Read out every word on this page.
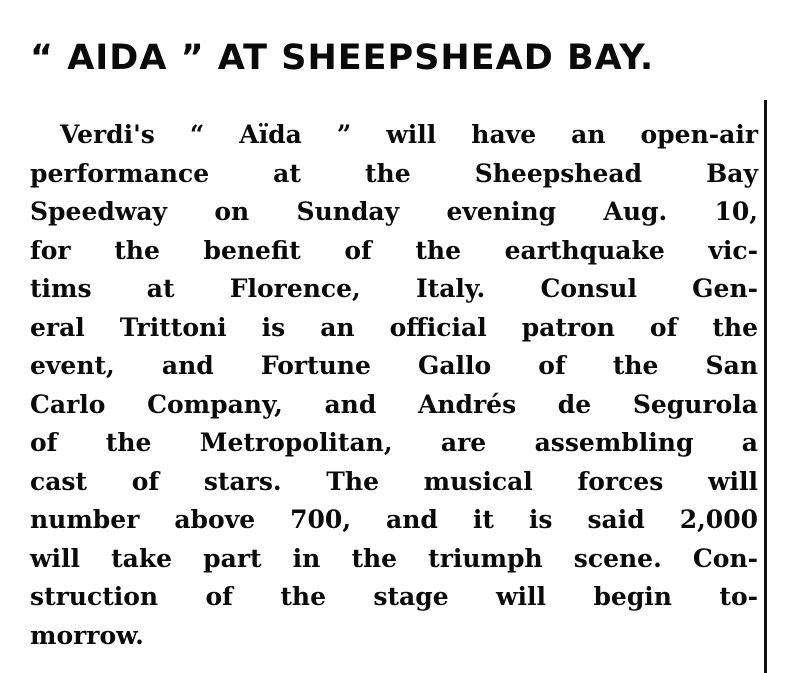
“ AIDA ” AT SHEEPSHEAD BAY.
Verdi's “ Aïda ” will have an open-air
performance at the Sheepshead Bay
Speedway on Sunday evening Aug. 10,
for the benefit of the earthquake vic-
tims at Florence, Italy. Consul Gen-
eral Trittoni is an official patron of the
event, and Fortune Gallo of the San
Carlo Company, and Andrés de Segurola
of the Metropolitan, are assembling a
cast of stars. The musical forces will
number above 700, and it is said 2,000
will take part in the triumph scene. Con-
struction of the stage will begin to-
morrow.
